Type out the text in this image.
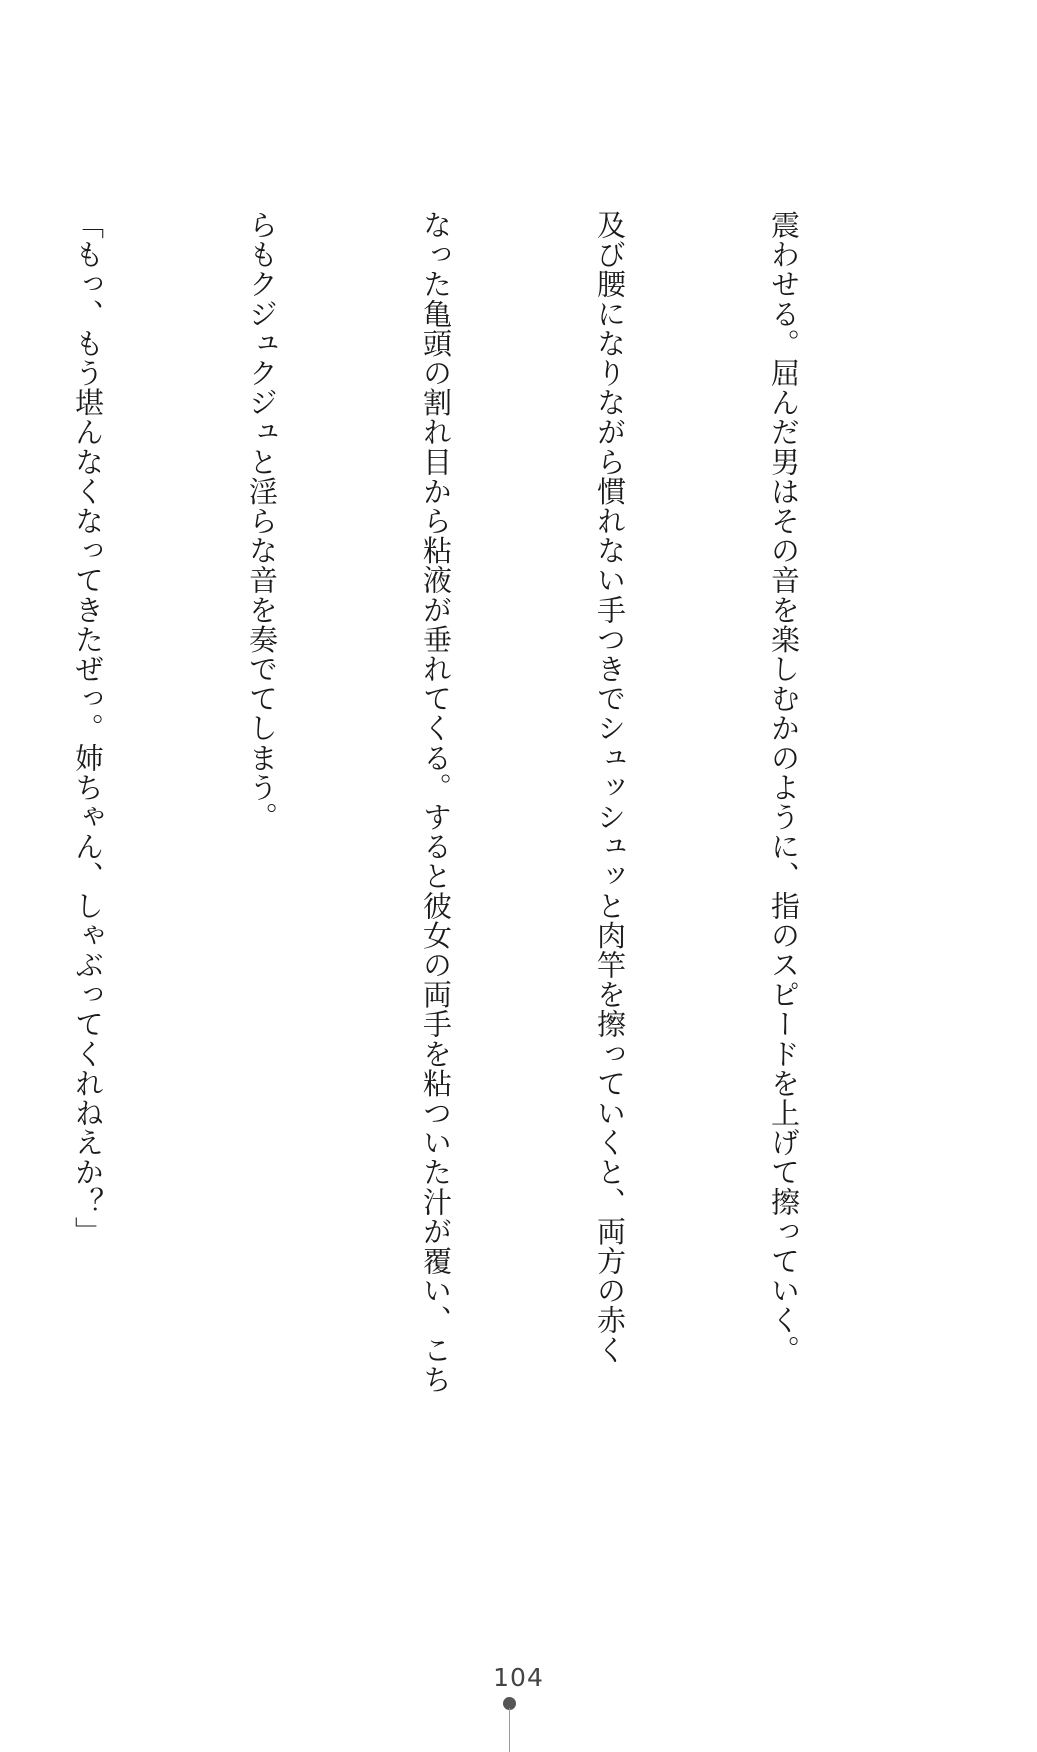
震わせる。屈んだ男はその音を楽しむかのように、指のスピードを上げて擦っていく。

及び腰になりながら慣れない手つきでシュッシュッと肉竿を擦っていくと、両方の赤く

なった亀頭の割れ目から粘液が垂れてくる。すると彼女の両手を粘ついた汁が覆い、こち

らもクジュクジュと淫らな音を奏でてしまう。

「もっ、もう堪んなくなってきたぜっ。姉ちゃん、しゃぶってくれねえか？」

104
